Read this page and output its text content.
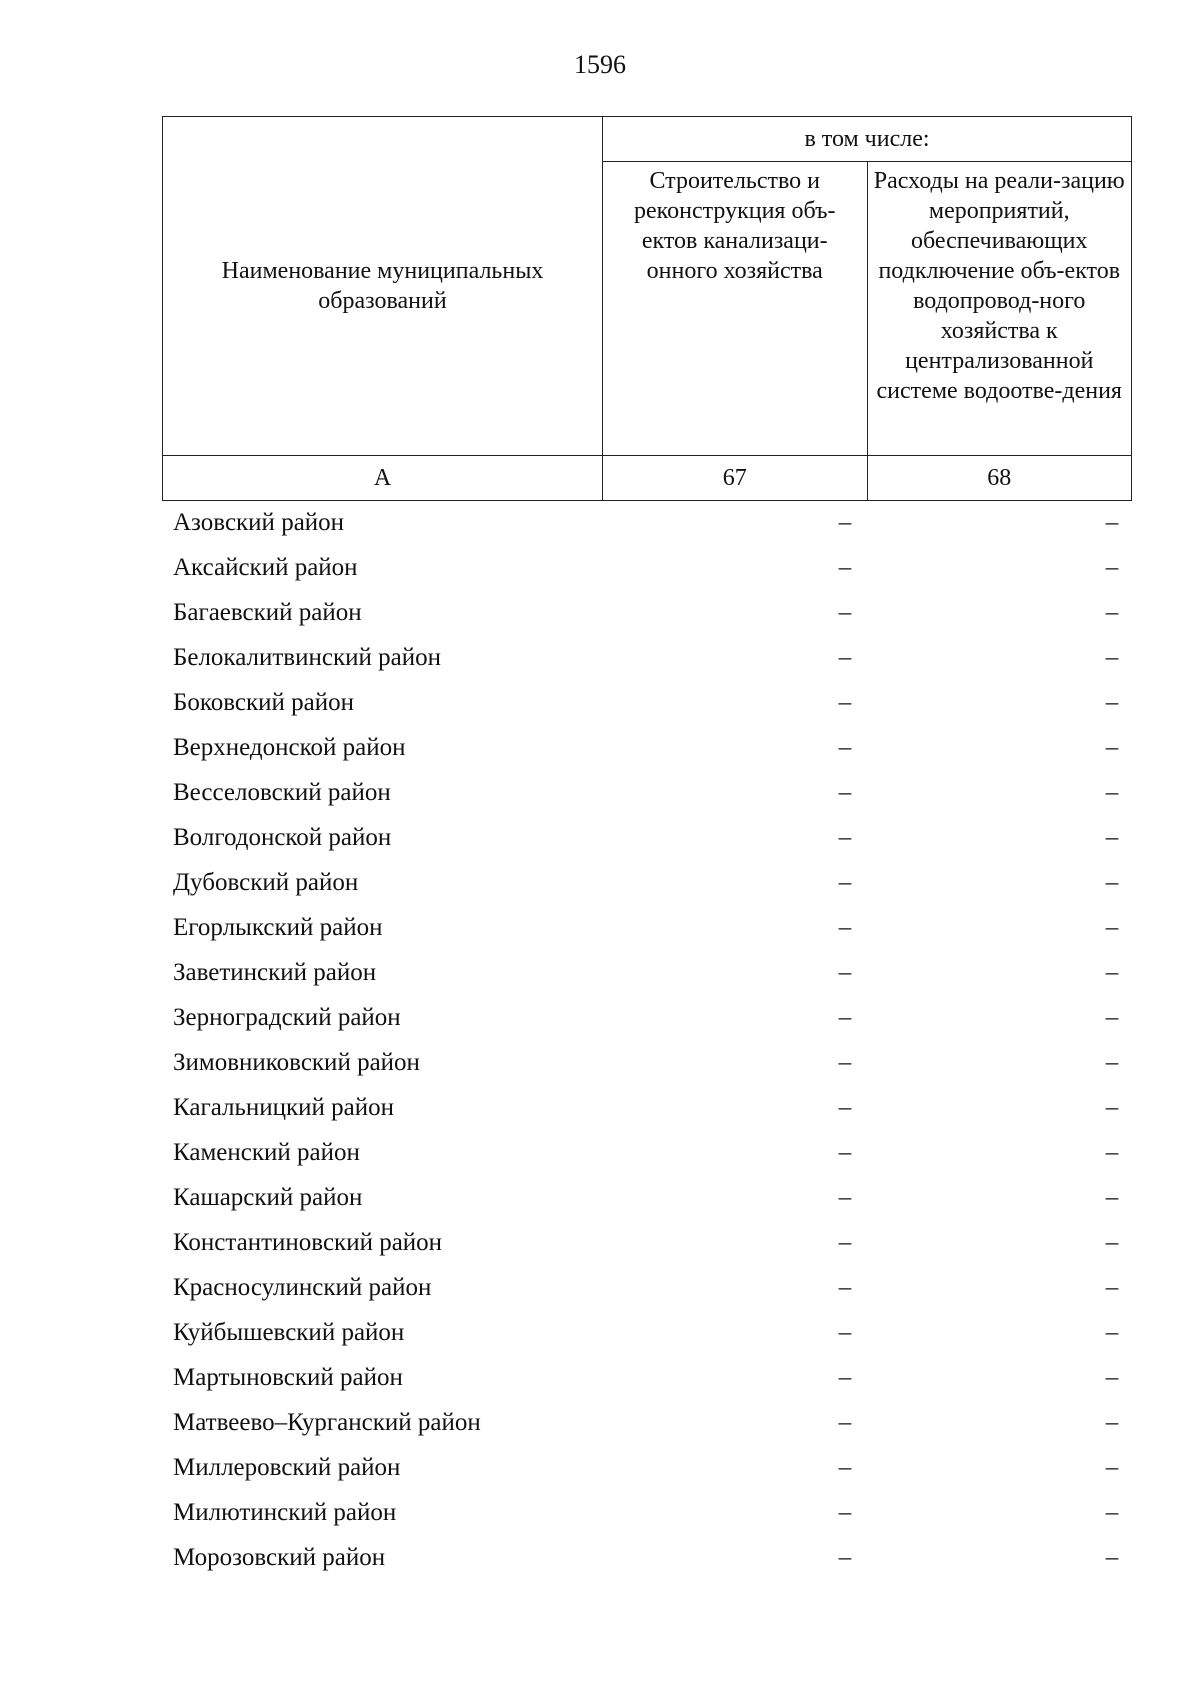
1596
Наименование муниципальных образований	в том числе:	
	Строительство и реконструкция объ-ектов канализаци-онного хозяйства	Расходы на реали-зацию мероприятий, обеспечивающих подключение объ-ектов водопровод-ного хозяйства к централизованной системе водоотве-дения
А	67	68
Азовский район	–	–
Аксайский район	–	–
Багаевский район	–	–
Белокалитвинский район	–	–
Боковский район	–	–
Верхнедонской район	–	–
Весселовский район	–	–
Волгодонской район	–	–
Дубовский район	–	–
Егорлыкский район	–	–
Заветинский район	–	–
Зерноградский район	–	–
Зимовниковский район	–	–
Кагальницкий район	–	–
Каменский район	–	–
Кашарский район	–	–
Константиновский район	–	–
Красносулинский район	–	–
Куйбышевский район	–	–
Мартыновский район	–	–
Матвеево–Курганский район	–	–
Миллеровский район	–	–
Милютинский район	–	–
Морозовский район	–	–
